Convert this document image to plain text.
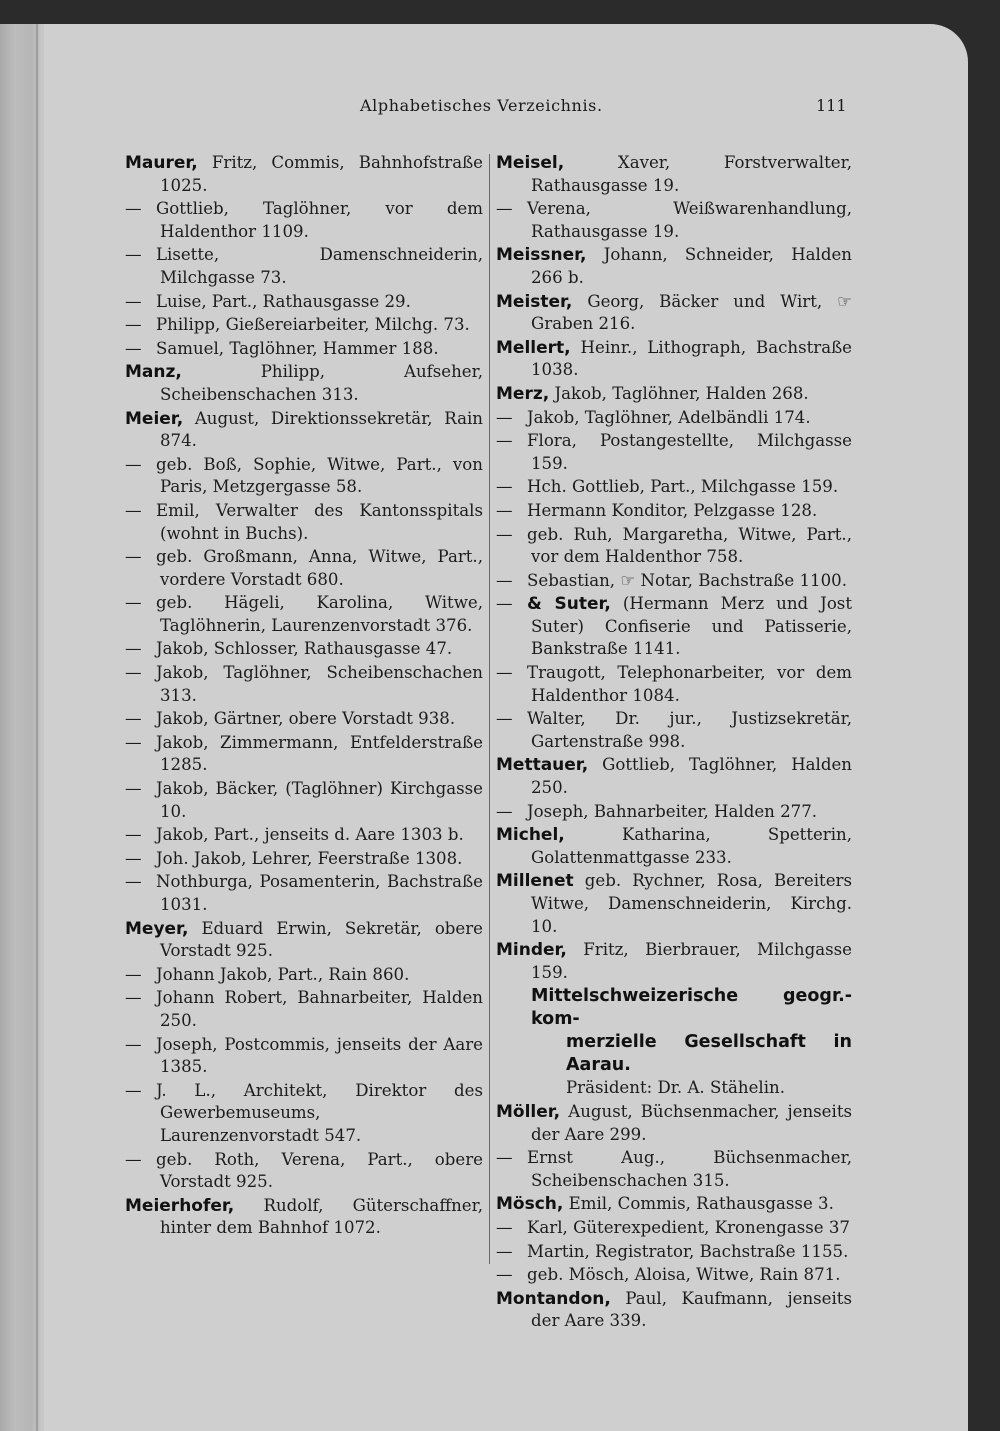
Alphabetisches Verzeichnis.	111
Maurer, Fritz, Commis, Bahnhofstraße 1025.
— Gottlieb, Taglöhner, vor dem Haldenthor 1109.
— Lisette, Damenschneiderin, Milchgasse 73.
— Luise, Part., Rathausgasse 29.
— Philipp, Gießereiarbeiter, Milchg. 73.
— Samuel, Taglöhner, Hammer 188.
Manz,	Philipp, Aufseher, Scheibenschachen 313.
Meier, August, Direktionssekretär, Rain 874.
— geb. Boß, Sophie, Witwe, Part., von Paris, Metzgergasse 58.
— Emil, Verwalter des Kantonsspitals (wohnt in Buchs).
— geb. Großmann, Anna, Witwe, Part., vordere Vorstadt 680.
— geb. Hägeli, Karolina, Witwe, Taglöhnerin, Laurenzenvorstadt 376.
— Jakob, Schlosser, Rathausgasse 47.
— Jakob, Taglöhner, Scheibenschachen 313.
— Jakob, Gärtner, obere Vorstadt 938.
— Jakob, Zimmermann, Entfelderstraße 1285.
— Jakob, Bäcker, (Taglöhner) Kirchgasse 10.
— Jakob, Part., jenseits d. Aare 1303 b.
— Joh. Jakob, Lehrer, Feerstraße 1308.
— Nothburga, Posamenterin, Bachstraße 1031.
Meyer, Eduard Erwin, Sekretär, obere Vorstadt 925.
— Johann Jakob, Part., Rain 860.
— Johann Robert, Bahnarbeiter, Halden 250.
— Joseph, Postcommis, jenseits der Aare 1385.
— J. L., Architekt, Direktor des Gewerbemuseums, Laurenzenvorstadt 547.
— geb. Roth, Verena, Part., obere Vorstadt 925.
Meierhofer, Rudolf, Güterschaffner, hinter dem Bahnhof 1072.
Meisel,	Xaver, Forstverwalter, Rathausgasse 19.
— Verena, Weißwarenhandlung, Rathausgasse 19.
Meissner, Johann, Schneider, Halden 266 b.
Meister, Georg, Bäcker und Wirt, ☞ Graben 216.
Mellert, Heinr., Lithograph, Bachstraße 1038.
Merz, Jakob, Taglöhner, Halden 268.
— Jakob, Taglöhner, Adelbändli 174.
— Flora, Postangestellte, Milchgasse 159.
— Hch. Gottlieb, Part., Milchgasse 159.
— Hermann Konditor, Pelzgasse 128.
— geb. Ruh, Margaretha, Witwe, Part., vor dem Haldenthor 758.
— Sebastian, ☞ Notar, Bachstraße 1100.
— & Suter, (Hermann Merz und Jost Suter) Confiserie und Patisserie, Bankstraße 1141.
— Traugott, Telephonarbeiter, vor dem Haldenthor 1084.
— Walter, Dr. jur., Justizsekretär, Gartenstraße 998.
Mettauer, Gottlieb, Taglöhner, Halden 250.
— Joseph, Bahnarbeiter, Halden 277.
Michel,	Katharina, Spetterin, Golattenmattgasse 233.
Millenet geb. Rychner, Rosa, Bereiters Witwe, Damenschneiderin, Kirchg. 10.
Minder, Fritz, Bierbrauer, Milchgasse 159.
Mittelschweizerische geogr.-kom-
merzielle Gesellschaft in Aarau.
Präsident: Dr. A. Stähelin.
Möller, August, Büchsenmacher, jenseits der Aare 299.
— Ernst Aug., Büchsenmacher, Scheibenschachen 315.
Mösch, Emil, Commis, Rathausgasse 3.
— Karl, Güterexpedient, Kronengasse 37
— Martin, Registrator, Bachstraße 1155.
— geb. Mösch, Aloisa, Witwe, Rain 871.
Montandon, Paul, Kaufmann, jenseits der Aare 339.
